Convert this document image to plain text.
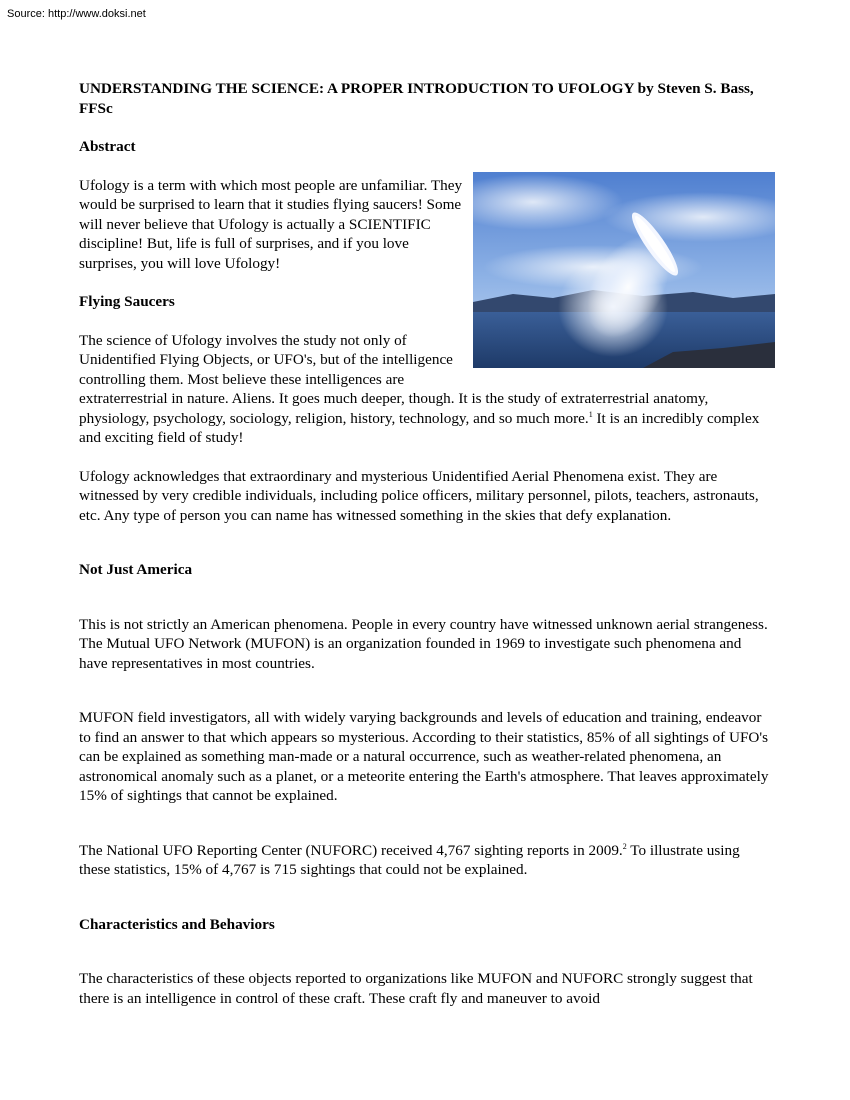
Source: http://www.doksi.net
UNDERSTANDING THE SCIENCE: A PROPER INTRODUCTION TO UFOLOGY by Steven S. Bass, FFSc
Abstract
Ufology is a term with which most people are unfamiliar. They would be surprised to learn that it studies flying saucers! Some will never believe that Ufology is actually a SCIENTIFIC discipline! But, life is full of surprises, and if you love surprises, you will love Ufology!
Flying Saucers
The science of Ufology involves the study not only of Unidentified Flying Objects, or UFO's, but of the intelligence controlling them. Most believe these intelligences are extraterrestrial in nature. Aliens. It goes much deeper, though. It is the study of extraterrestrial anatomy, physiology, psychology, sociology, religion, history, technology, and so much more.$^1$ It is an incredibly complex and exciting field of study!
Ufology acknowledges that extraordinary and mysterious Unidentified Aerial Phenomena exist. They are witnessed by very credible individuals, including police officers, military personnel, pilots, teachers, astronauts, etc. Any type of person you can name has witnessed something in the skies that defy explanation.
Not Just America
This is not strictly an American phenomena. People in every country have witnessed unknown aerial strangeness. The Mutual UFO Network (MUFON) is an organization founded in 1969 to investigate such phenomena and have representatives in most countries.
MUFON field investigators, all with widely varying backgrounds and levels of education and training, endeavor to find an answer to that which appears so mysterious. According to their statistics, 85% of all sightings of UFO's can be explained as something man-made or a natural occurrence, such as weather-related phenomena, an astronomical anomaly such as a planet, or a meteorite entering the Earth's atmosphere. That leaves approximately 15% of sightings that cannot be explained.
The National UFO Reporting Center (NUFORC) received 4,767 sighting reports in 2009.$^2$ To illustrate using these statistics, 15% of 4,767 is 715 sightings that could not be explained.
Characteristics and Behaviors
The characteristics of these objects reported to organizations like MUFON and NUFORC strongly suggest that there is an intelligence in control of these craft. These craft fly and maneuver to avoid
